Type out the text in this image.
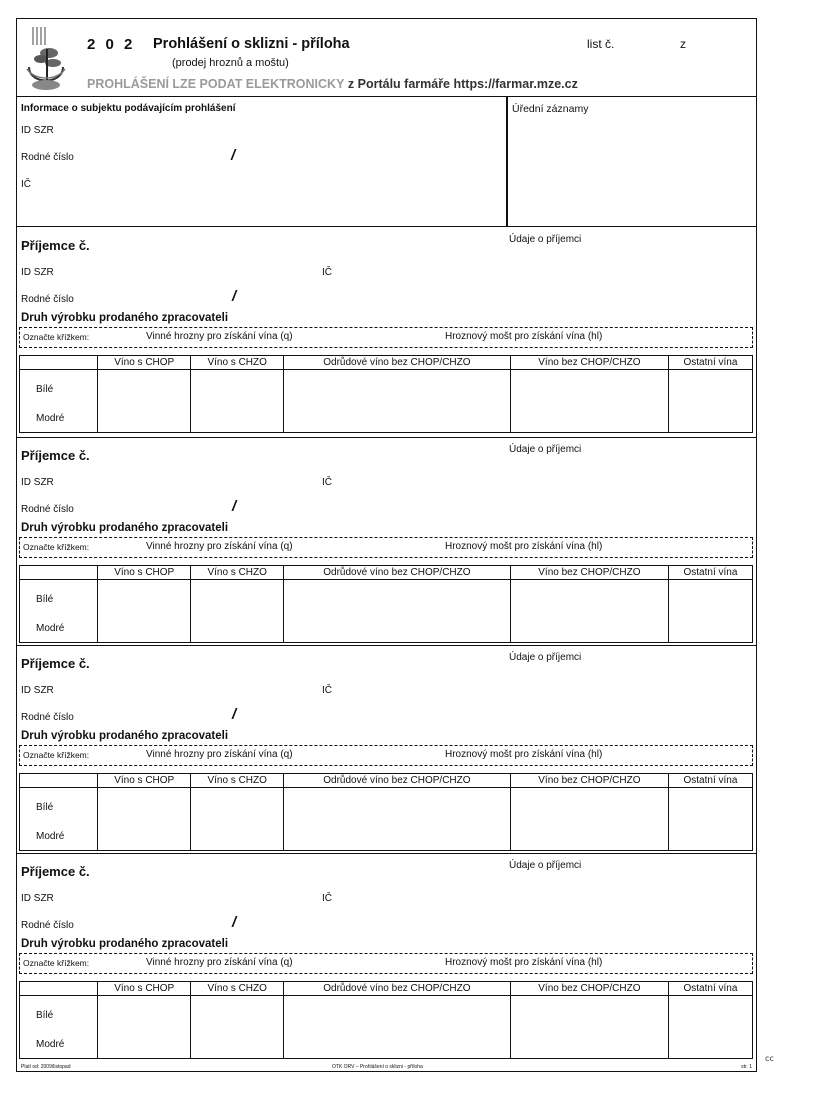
2 0 2 Prohlášení o sklizni - příloha
(prodej hroznů a moštu)
list č.	z
PROHLÁŠENÍ LZE PODAT ELEKTRONICKY z Portálu farmáře https://farmar.mze.cz
Informace o subjektu podávajícím prohlášení
ID SZR
Rodné číslo	/
IČ
Úřední záznamy
Příjemce č.	Údaje o příjemci
ID SZR	IČ
Rodné číslo	/
Druh výrobku prodaného zpracovateli
Označte křížkem:	Vinné hrozny pro získání vína (q)	Hroznový mošt pro získání vína (hl)
	Víno s CHOP	Víno s CHZO	Odrůdové víno bez CHOP/CHZO	Víno bez CHOP/CHZO	Ostatní vína
Bílé					
Modré					
Příjemce č.	Údaje o příjemci
ID SZR	IČ
Rodné číslo	/
Druh výrobku prodaného zpracovateli
Označte křížkem:	Vinné hrozny pro získání vína (q)	Hroznový mošt pro získání vína (hl)
	Víno s CHOP	Víno s CHZO	Odrůdové víno bez CHOP/CHZO	Víno bez CHOP/CHZO	Ostatní vína
Bílé					
Modré					
Příjemce č.	Údaje o příjemci
ID SZR	IČ
Rodné číslo	/
Druh výrobku prodaného zpracovateli
Označte křížkem:	Vinné hrozny pro získání vína (q)	Hroznový mošt pro získání vína (hl)
	Víno s CHOP	Víno s CHZO	Odrůdové víno bez CHOP/CHZO	Víno bez CHOP/CHZO	Ostatní vína
Bílé					
Modré					
Příjemce č.	Údaje o příjemci
ID SZR	IČ
Rodné číslo	/
Druh výrobku prodaného zpracovateli
Označte křížkem:	Vinné hrozny pro získání vína (q)	Hroznový mošt pro získání vína (hl)
	Víno s CHOP	Víno s CHZO	Odrůdové víno bez CHOP/CHZO	Víno bez CHOP/CHZO	Ostatní vína
Bílé					
Modré					
Platí od: 2009/listopad	OTK ORV – Prohlášení o sklizni - příloha	str. 1
ⅽⅽ
